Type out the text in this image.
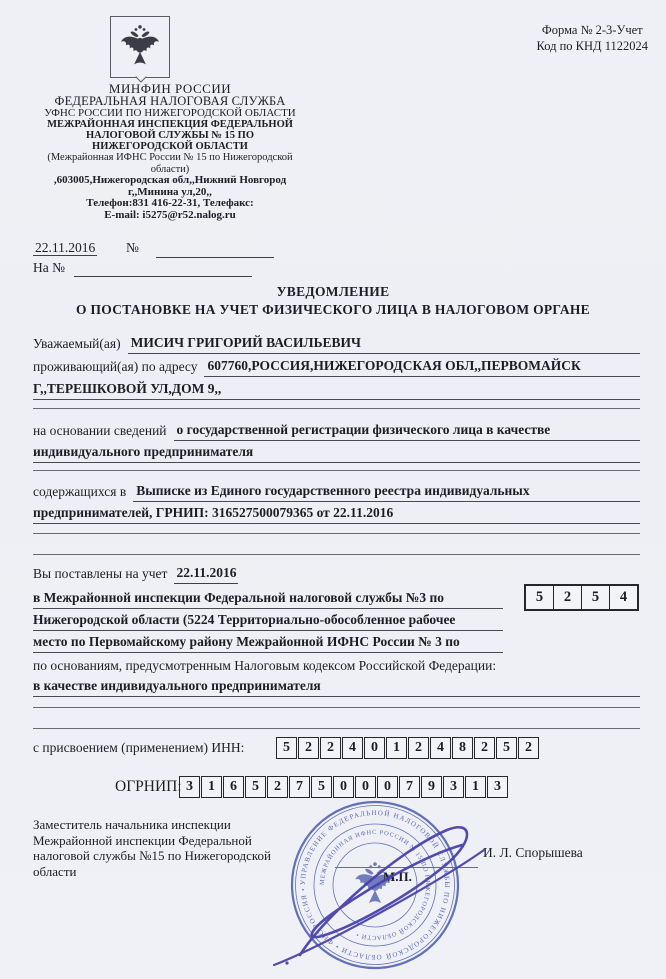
Форма № 2-3-Учет
Код по КНД 1122024
МИНФИН РОССИИ
ФЕДЕРАЛЬНАЯ НАЛОГОВАЯ СЛУЖБА
УФНС РОССИИ ПО НИЖЕГОРОДСКОЙ ОБЛАСТИ
МЕЖРАЙОННАЯ ИНСПЕКЦИЯ ФЕДЕРАЛЬНОЙ
НАЛОГОВОЙ СЛУЖБЫ № 15 ПО
НИЖЕГОРОДСКОЙ ОБЛАСТИ
(Межрайонная ИФНС России № 15 по Нижегородской
области)
,603005,Нижегородская обл,,Нижний Новгород
г,,Минина ул,20,,
Телефон:831 416-22-31, Телефакс:
E-mail: i5275@r52.nalog.ru
22.11.2016 №
На №
УВЕДОМЛЕНИЕ
О ПОСТАНОВКЕ НА УЧЕТ ФИЗИЧЕСКОГО ЛИЦА В НАЛОГОВОМ ОРГАНЕ
Уважаемый(ая) МИСИЧ ГРИГОРИЙ ВАСИЛЬЕВИЧ
проживающий(ая) по адресу 607760,РОССИЯ,НИЖЕГОРОДСКАЯ ОБЛ,,ПЕРВОМАЙСК
Г,,ТЕРЕШКОВОЙ УЛ,ДОМ 9,,
на основании сведений о государственной регистрации физического лица в качестве
индивидуального предпринимателя
содержащихся в Выписке из Единого государственного реестра индивидуальных
предпринимателей, ГРНИП: 316527500079365 от 22.11.2016
Вы поставлены на учет 22.11.2016
в Межрайонной инспекции Федеральной налоговой службы №3 по
Нижегородской области (5224 Территориально-обособленное рабочее
место по Первомайскому району Межрайонной ИФНС России № 3 по
5	2	5	4
по основаниям, предусмотренным Налоговым кодексом Российской Федерации:
в качестве индивидуального предпринимателя
с присвоением (применением) ИНН:	5	2	2	4	0	1	2	4	8	2	5	2
ОГРНИП: 3	1	6	5	2	7	5	0	0	0	7	9	3	1	3
Заместитель начальника инспекции
Межрайонной инспекции Федеральной
налоговой службы №15 по Нижегородской
области
И. Л. Спорышева
М.П.
УПРАВЛЕНИЕ ФЕДЕРАЛЬНОЙ НАЛОГОВОЙ СЛУЖБЫ ПО НИЖЕГОРОДСКОЙ ОБЛАСТИ • ФНС РОССИЯ •
МЕЖРАЙОННАЯ ИФНС РОССИИ № 15 ПО НИЖЕГОРОДСКОЙ ОБЛАСТИ •
